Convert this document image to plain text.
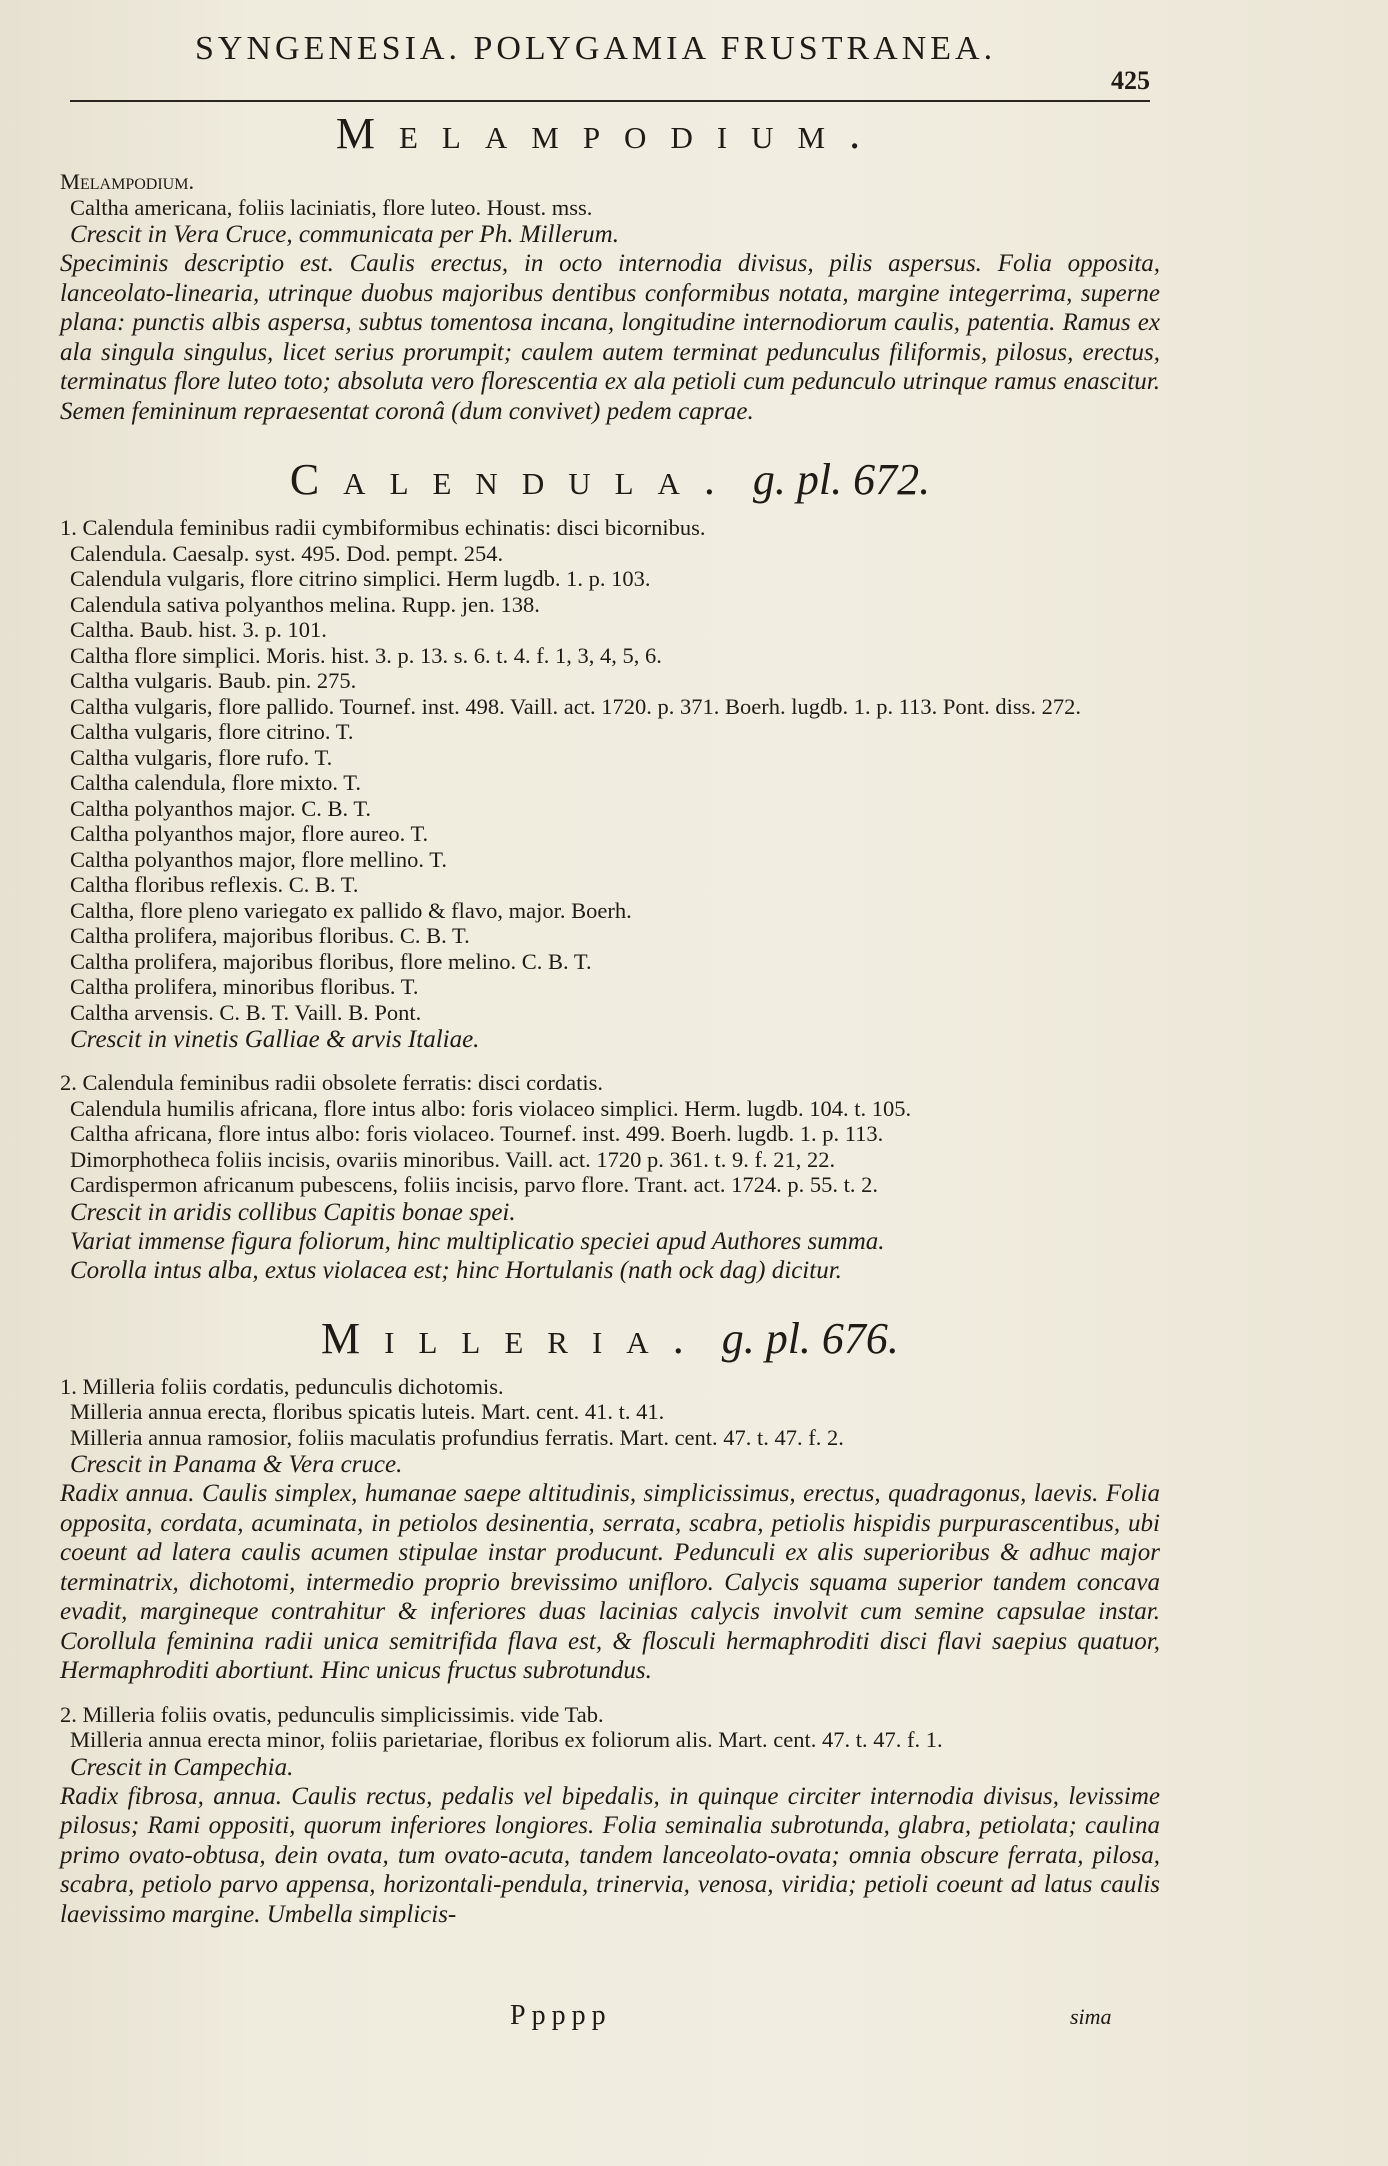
SYNGENESIA. POLYGAMIA FRUSTRANEA.
425
Melampodium.
Melampodium.
Caltha americana, foliis laciniatis, flore luteo. Houst. mss.
Crescit in Vera Cruce, communicata per Ph. Millerum.

Speciminis descriptio est. Caulis erectus, in octo internodia divisus, pilis aspersus. Folia opposita, lanceolato-linearia, utrinque duobus majoribus dentibus conformibus notata, margine integerrima, superne plana: punctis albis aspersa, subtus tomentosa incana, longitudine internodiorum caulis, patentia. Ramus ex ala singula singulus, licet serius prorumpit; caulem autem terminat pedunculus filiformis, pilosus, erectus, terminatus flore luteo toto; absoluta vero florescentia ex ala petioli cum pedunculo utrinque ramus enascitur. Semen femininum repraesentat coronâ (dum convivet) pedem caprae.

Calendula. g. pl. 672.
1. Calendula feminibus radii cymbiformibus echinatis: disci bicornibus.
Calendula. Caesalp. syst. 495. Dod. pempt. 254.
Calendula vulgaris, flore citrino simplici. Herm lugdb. 1. p. 103.
Calendula sativa polyanthos melina. Rupp. jen. 138.
Caltha. Baub. hist. 3. p. 101.
Caltha flore simplici. Moris. hist. 3. p. 13. s. 6. t. 4. f. 1, 3, 4, 5, 6.
Caltha vulgaris. Baub. pin. 275.
Caltha vulgaris, flore pallido. Tournef. inst. 498. Vaill. act. 1720. p. 371. Boerh. lugdb. 1. p. 113. Pont. diss. 272.
Caltha vulgaris, flore citrino. T.
Caltha vulgaris, flore rufo. T.
Caltha calendula, flore mixto. T.
Caltha polyanthos major. C. B. T.
Caltha polyanthos major, flore aureo. T.
Caltha polyanthos major, flore mellino. T.
Caltha floribus reflexis. C. B. T.
Caltha, flore pleno variegato ex pallido & flavo, major. Boerh.
Caltha prolifera, majoribus floribus. C. B. T.
Caltha prolifera, majoribus floribus, flore melino. C. B. T.
Caltha prolifera, minoribus floribus. T.
Caltha arvensis. C. B. T. Vaill. B. Pont.
Crescit in vinetis Galliae & arvis Italiae.
2. Calendula feminibus radii obsolete ferratis: disci cordatis.
Calendula humilis africana, flore intus albo: foris violaceo simplici. Herm. lugdb. 104. t. 105.
Caltha africana, flore intus albo: foris violaceo. Tournef. inst. 499. Boerh. lugdb. 1. p. 113.
Dimorphotheca foliis incisis, ovariis minoribus. Vaill. act. 1720 p. 361. t. 9. f. 21, 22.
Cardispermon africanum pubescens, foliis incisis, parvo flore. Trant. act. 1724. p. 55. t. 2.
Crescit in aridis collibus Capitis bonae spei.
Variat immense figura foliorum, hinc multiplicatio speciei apud Authores summa.
Corolla intus alba, extus violacea est; hinc Hortulanis (nath ock dag) dicitur.
Milleria. g. pl. 676.
1. Milleria foliis cordatis, pedunculis dichotomis.
Milleria annua erecta, floribus spicatis luteis. Mart. cent. 41. t. 41.
Milleria annua ramosior, foliis maculatis profundius ferratis. Mart. cent. 47. t. 47. f. 2.
Crescit in Panama & Vera cruce.

Radix annua. Caulis simplex, humanae saepe altitudinis, simplicissimus, erectus, quadragonus, laevis. Folia opposita, cordata, acuminata, in petiolos desinentia, serrata, scabra, petiolis hispidis purpurascentibus, ubi coeunt ad latera caulis acumen stipulae instar producunt. Pedunculi ex alis superioribus & adhuc major terminatrix, dichotomi, intermedio proprio brevissimo unifloro. Calycis squama superior tandem concava evadit, margineque contrahitur & inferiores duas lacinias calycis involvit cum semine capsulae instar. Corollula feminina radii unica semitrifida flava est, & flosculi hermaphroditi disci flavi saepius quatuor, Hermaphroditi abortiunt. Hinc unicus fructus subrotundus.

2. Milleria foliis ovatis, pedunculis simplicissimis. vide Tab.
Milleria annua erecta minor, foliis parietariae, floribus ex foliorum alis. Mart. cent. 47. t. 47. f. 1.
Crescit in Campechia.

Radix fibrosa, annua. Caulis rectus, pedalis vel bipedalis, in quinque circiter internodia divisus, levissime pilosus; Rami oppositi, quorum inferiores longiores. Folia seminalia subrotunda, glabra, petiolata; caulina primo ovato-obtusa, dein ovata, tum ovato-acuta, tandem lanceolato-ovata; omnia obscure ferrata, pilosa, scabra, petiolo parvo appensa, horizontali-pendula, trinervia, venosa, viridia; petioli coeunt ad latus caulis laevissimo margine. Umbella simplicis-

Ppppp	sima
